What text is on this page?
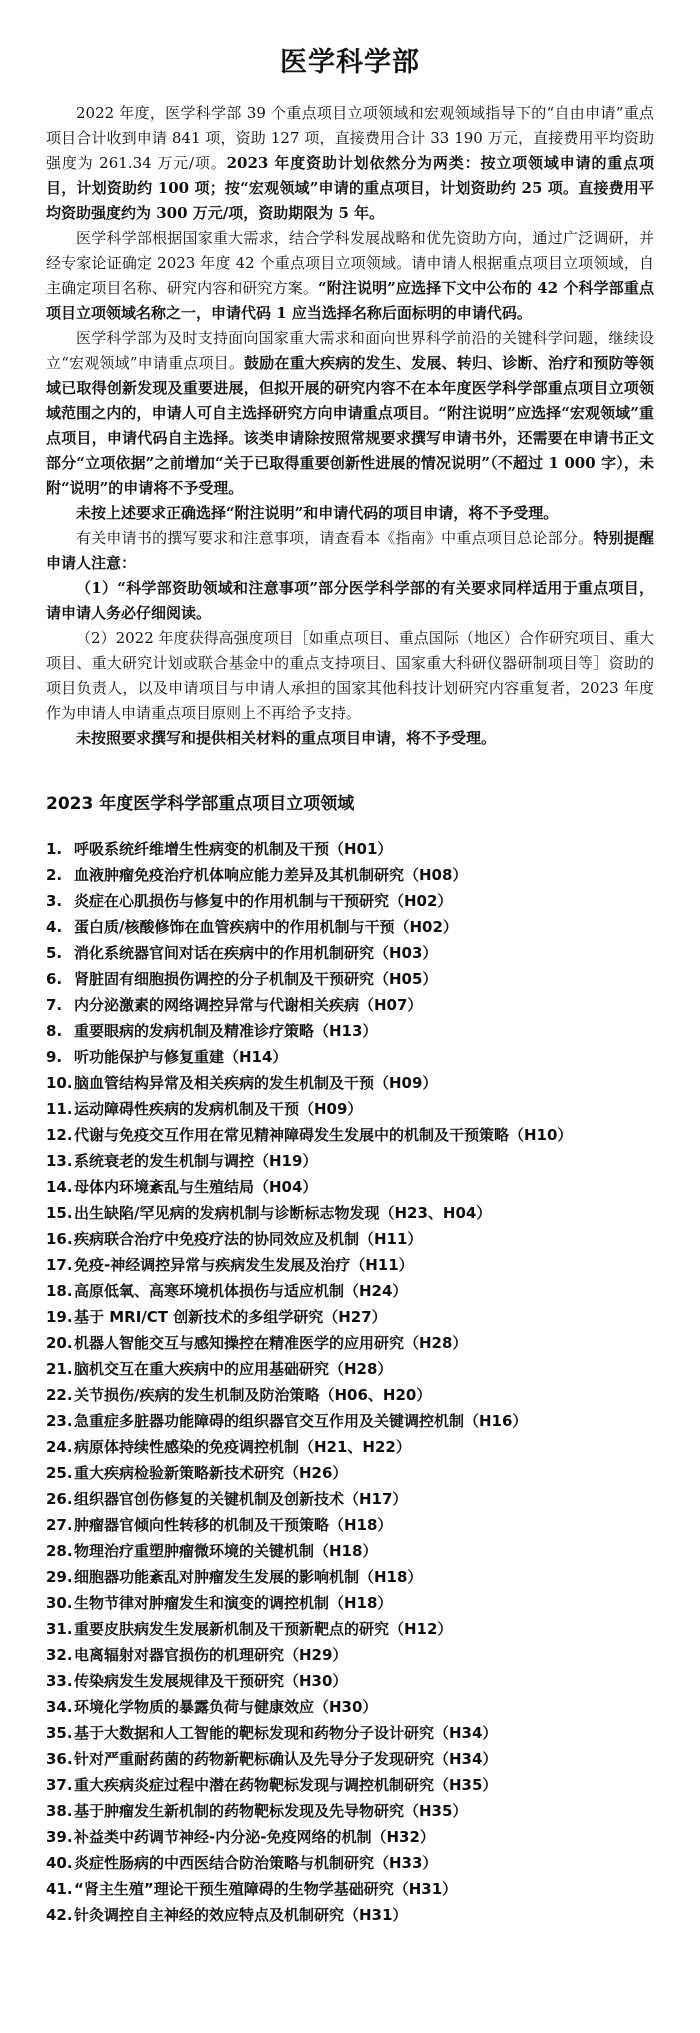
医学科学部

2022 年度，医学科学部 39 个重点项目立项领域和宏观领域指导下的“自由申请”重点项目合计收到申请 841 项，资助 127 项，直接费用合计 33 190 万元，直接费用平均资助强度为 261.34 万元/项。2023 年度资助计划依然分为两类：按立项领域申请的重点项目，计划资助约 100 项；按“宏观领域”申请的重点项目，计划资助约 25 项。直接费用平均资助强度约为 300 万元/项，资助期限为 5 年。

医学科学部根据国家重大需求，结合学科发展战略和优先资助方向，通过广泛调研，并经专家论证确定 2023 年度 42 个重点项目立项领域。请申请人根据重点项目立项领域，自主确定项目名称、研究内容和研究方案。“附注说明”应选择下文中公布的 42 个科学部重点项目立项领域名称之一，申请代码 1 应当选择名称后面标明的申请代码。

医学科学部为及时支持面向国家重大需求和面向世界科学前沿的关键科学问题，继续设立“宏观领域”申请重点项目。鼓励在重大疾病的发生、发展、转归、诊断、治疗和预防等领域已取得创新发现及重要进展，但拟开展的研究内容不在本年度医学科学部重点项目立项领域范围之内的，申请人可自主选择研究方向申请重点项目。“附注说明”应选择“宏观领域”重点项目，申请代码自主选择。该类申请除按照常规要求撰写申请书外，还需要在申请书正文部分“立项依据”之前增加“关于已取得重要创新性进展的情况说明”（不超过 1 000 字），未附“说明”的申请将不予受理。

未按上述要求正确选择“附注说明”和申请代码的项目申请，将不予受理。

有关申请书的撰写要求和注意事项，请查看本《指南》中重点项目总论部分。特别提醒申请人注意：

（1）“科学部资助领域和注意事项”部分医学科学部的有关要求同样适用于重点项目，请申请人务必仔细阅读。

（2）2022 年度获得高强度项目［如重点项目、重点国际（地区）合作研究项目、重大项目、重大研究计划或联合基金中的重点支持项目、国家重大科研仪器研制项目等］资助的项目负责人，以及申请项目与申请人承担的国家其他科技计划研究内容重复者，2023 年度作为申请人申请重点项目原则上不再给予支持。

未按照要求撰写和提供相关材料的重点项目申请，将不予受理。

2023 年度医学科学部重点项目立项领域
1. 呼吸系统纤维增生性病变的机制及干预（H01）
2. 血液肿瘤免疫治疗机体响应能力差异及其机制研究（H08）
3. 炎症在心肌损伤与修复中的作用机制与干预研究（H02）
4. 蛋白质/核酸修饰在血管疾病中的作用机制与干预（H02）
5. 消化系统器官间对话在疾病中的作用机制研究（H03）
6. 肾脏固有细胞损伤调控的分子机制及干预研究（H05）
7. 内分泌激素的网络调控异常与代谢相关疾病（H07）
8. 重要眼病的发病机制及精准诊疗策略（H13）
9. 听功能保护与修复重建（H14）
10. 脑血管结构异常及相关疾病的发生机制及干预（H09）
11. 运动障碍性疾病的发病机制及干预（H09）
12. 代谢与免疫交互作用在常见精神障碍发生发展中的机制及干预策略（H10）
13. 系统衰老的发生机制与调控（H19）
14. 母体内环境紊乱与生殖结局（H04）
15. 出生缺陷/罕见病的发病机制与诊断标志物发现（H23、H04）
16. 疾病联合治疗中免疫疗法的协同效应及机制（H11）
17. 免疫-神经调控异常与疾病发生发展及治疗（H11）
18. 高原低氧、高寒环境机体损伤与适应机制（H24）
19. 基于 MRI/CT 创新技术的多组学研究（H27）
20. 机器人智能交互与感知操控在精准医学的应用研究（H28）
21. 脑机交互在重大疾病中的应用基础研究（H28）
22. 关节损伤/疾病的发生机制及防治策略（H06、H20）
23. 急重症多脏器功能障碍的组织器官交互作用及关键调控机制（H16）
24. 病原体持续性感染的免疫调控机制（H21、H22）
25. 重大疾病检验新策略新技术研究（H26）
26. 组织器官创伤修复的关键机制及创新技术（H17）
27. 肿瘤器官倾向性转移的机制及干预策略（H18）
28. 物理治疗重塑肿瘤微环境的关键机制（H18）
29. 细胞器功能紊乱对肿瘤发生发展的影响机制（H18）
30. 生物节律对肿瘤发生和演变的调控机制（H18）
31. 重要皮肤病发生发展新机制及干预新靶点的研究（H12）
32. 电离辐射对器官损伤的机理研究（H29）
33. 传染病发生发展规律及干预研究（H30）
34. 环境化学物质的暴露负荷与健康效应（H30）
35. 基于大数据和人工智能的靶标发现和药物分子设计研究（H34）
36. 针对严重耐药菌的药物新靶标确认及先导分子发现研究（H34）
37. 重大疾病炎症过程中潜在药物靶标发现与调控机制研究（H35）
38. 基于肿瘤发生新机制的药物靶标发现及先导物研究（H35）
39. 补益类中药调节神经-内分泌-免疫网络的机制（H32）
40. 炎症性肠病的中西医结合防治策略与机制研究（H33）
41. “肾主生殖”理论干预生殖障碍的生物学基础研究（H31）
42. 针灸调控自主神经的效应特点及机制研究（H31）
